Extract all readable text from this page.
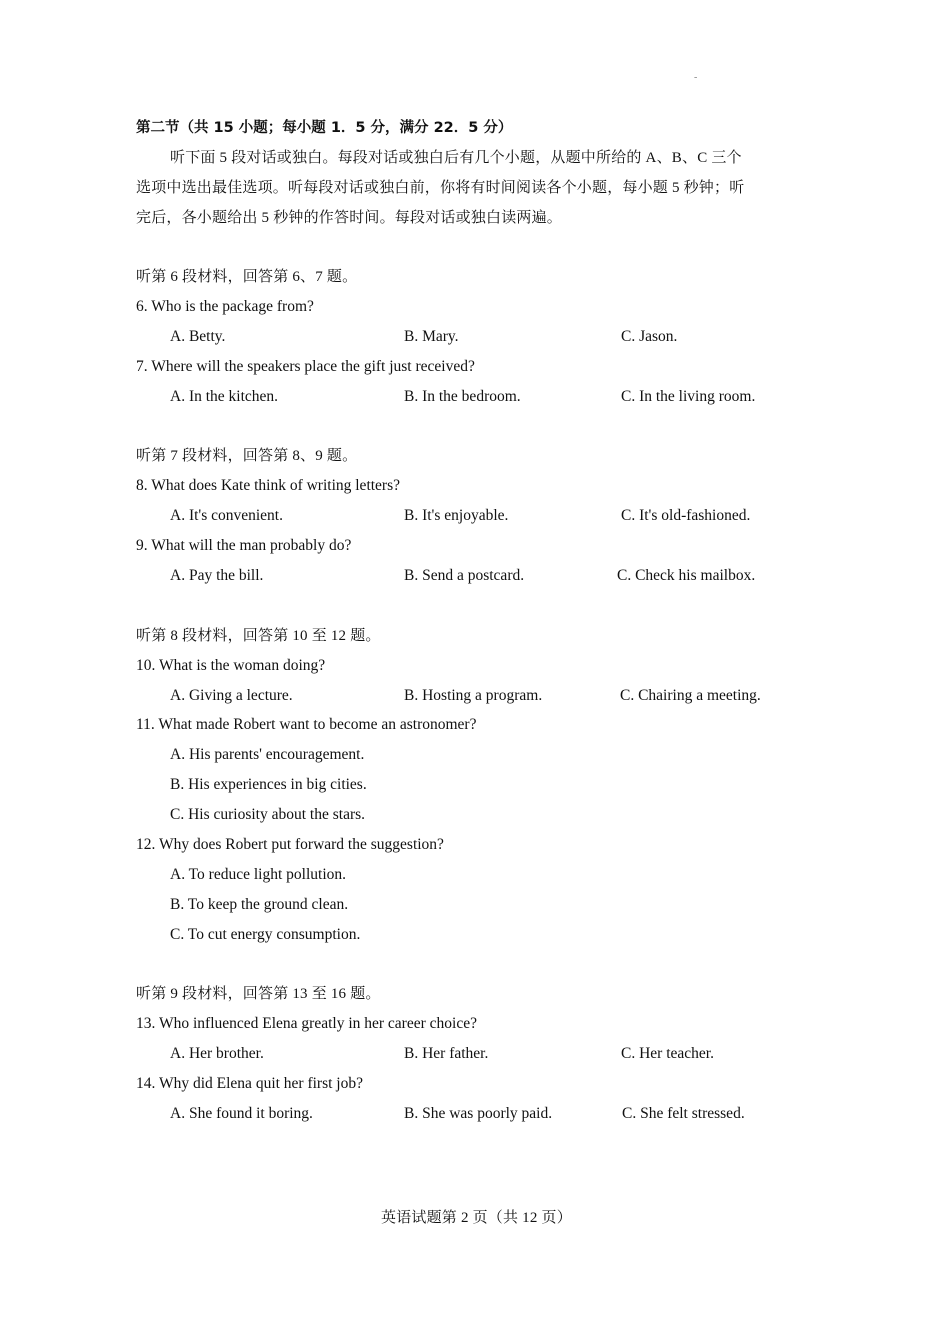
-
第二节（共 15 小题；每小题 1．5 分，满分 22．5 分）
听下面 5 段对话或独白。每段对话或独白后有几个小题，从题中所给的 A、B、C 三个
选项中选出最佳选项。听每段对话或独白前，你将有时间阅读各个小题，每小题 5 秒钟；听
完后，各小题给出 5 秒钟的作答时间。每段对话或独白读两遍。
听第 6 段材料，回答第 6、7 题。
6. Who is the package from?
A. Betty.	B. Mary.	C. Jason.
7. Where will the speakers place the gift just received?
A. In the kitchen.	B. In the bedroom.	C. In the living room.
听第 7 段材料，回答第 8、9 题。
8. What does Kate think of writing letters?
A. It's convenient.	B. It's enjoyable.	C. It's old-fashioned.
9. What will the man probably do?
A. Pay the bill.	B. Send a postcard.	C. Check his mailbox.
听第 8 段材料，回答第 10 至 12 题。
10. What is the woman doing?
A. Giving a lecture.	B. Hosting a program.	C. Chairing a meeting.
11. What made Robert want to become an astronomer?
A. His parents' encouragement.
B. His experiences in big cities.
C. His curiosity about the stars.
12. Why does Robert put forward the suggestion?
A. To reduce light pollution.
B. To keep the ground clean.
C. To cut energy consumption.
听第 9 段材料，回答第 13 至 16 题。
13. Who influenced Elena greatly in her career choice?
A. Her brother.	B. Her father.	C. Her teacher.
14. Why did Elena quit her first job?
A. She found it boring.	B. She was poorly paid.	C. She felt stressed.
英语试题第 2 页（共 12 页）
